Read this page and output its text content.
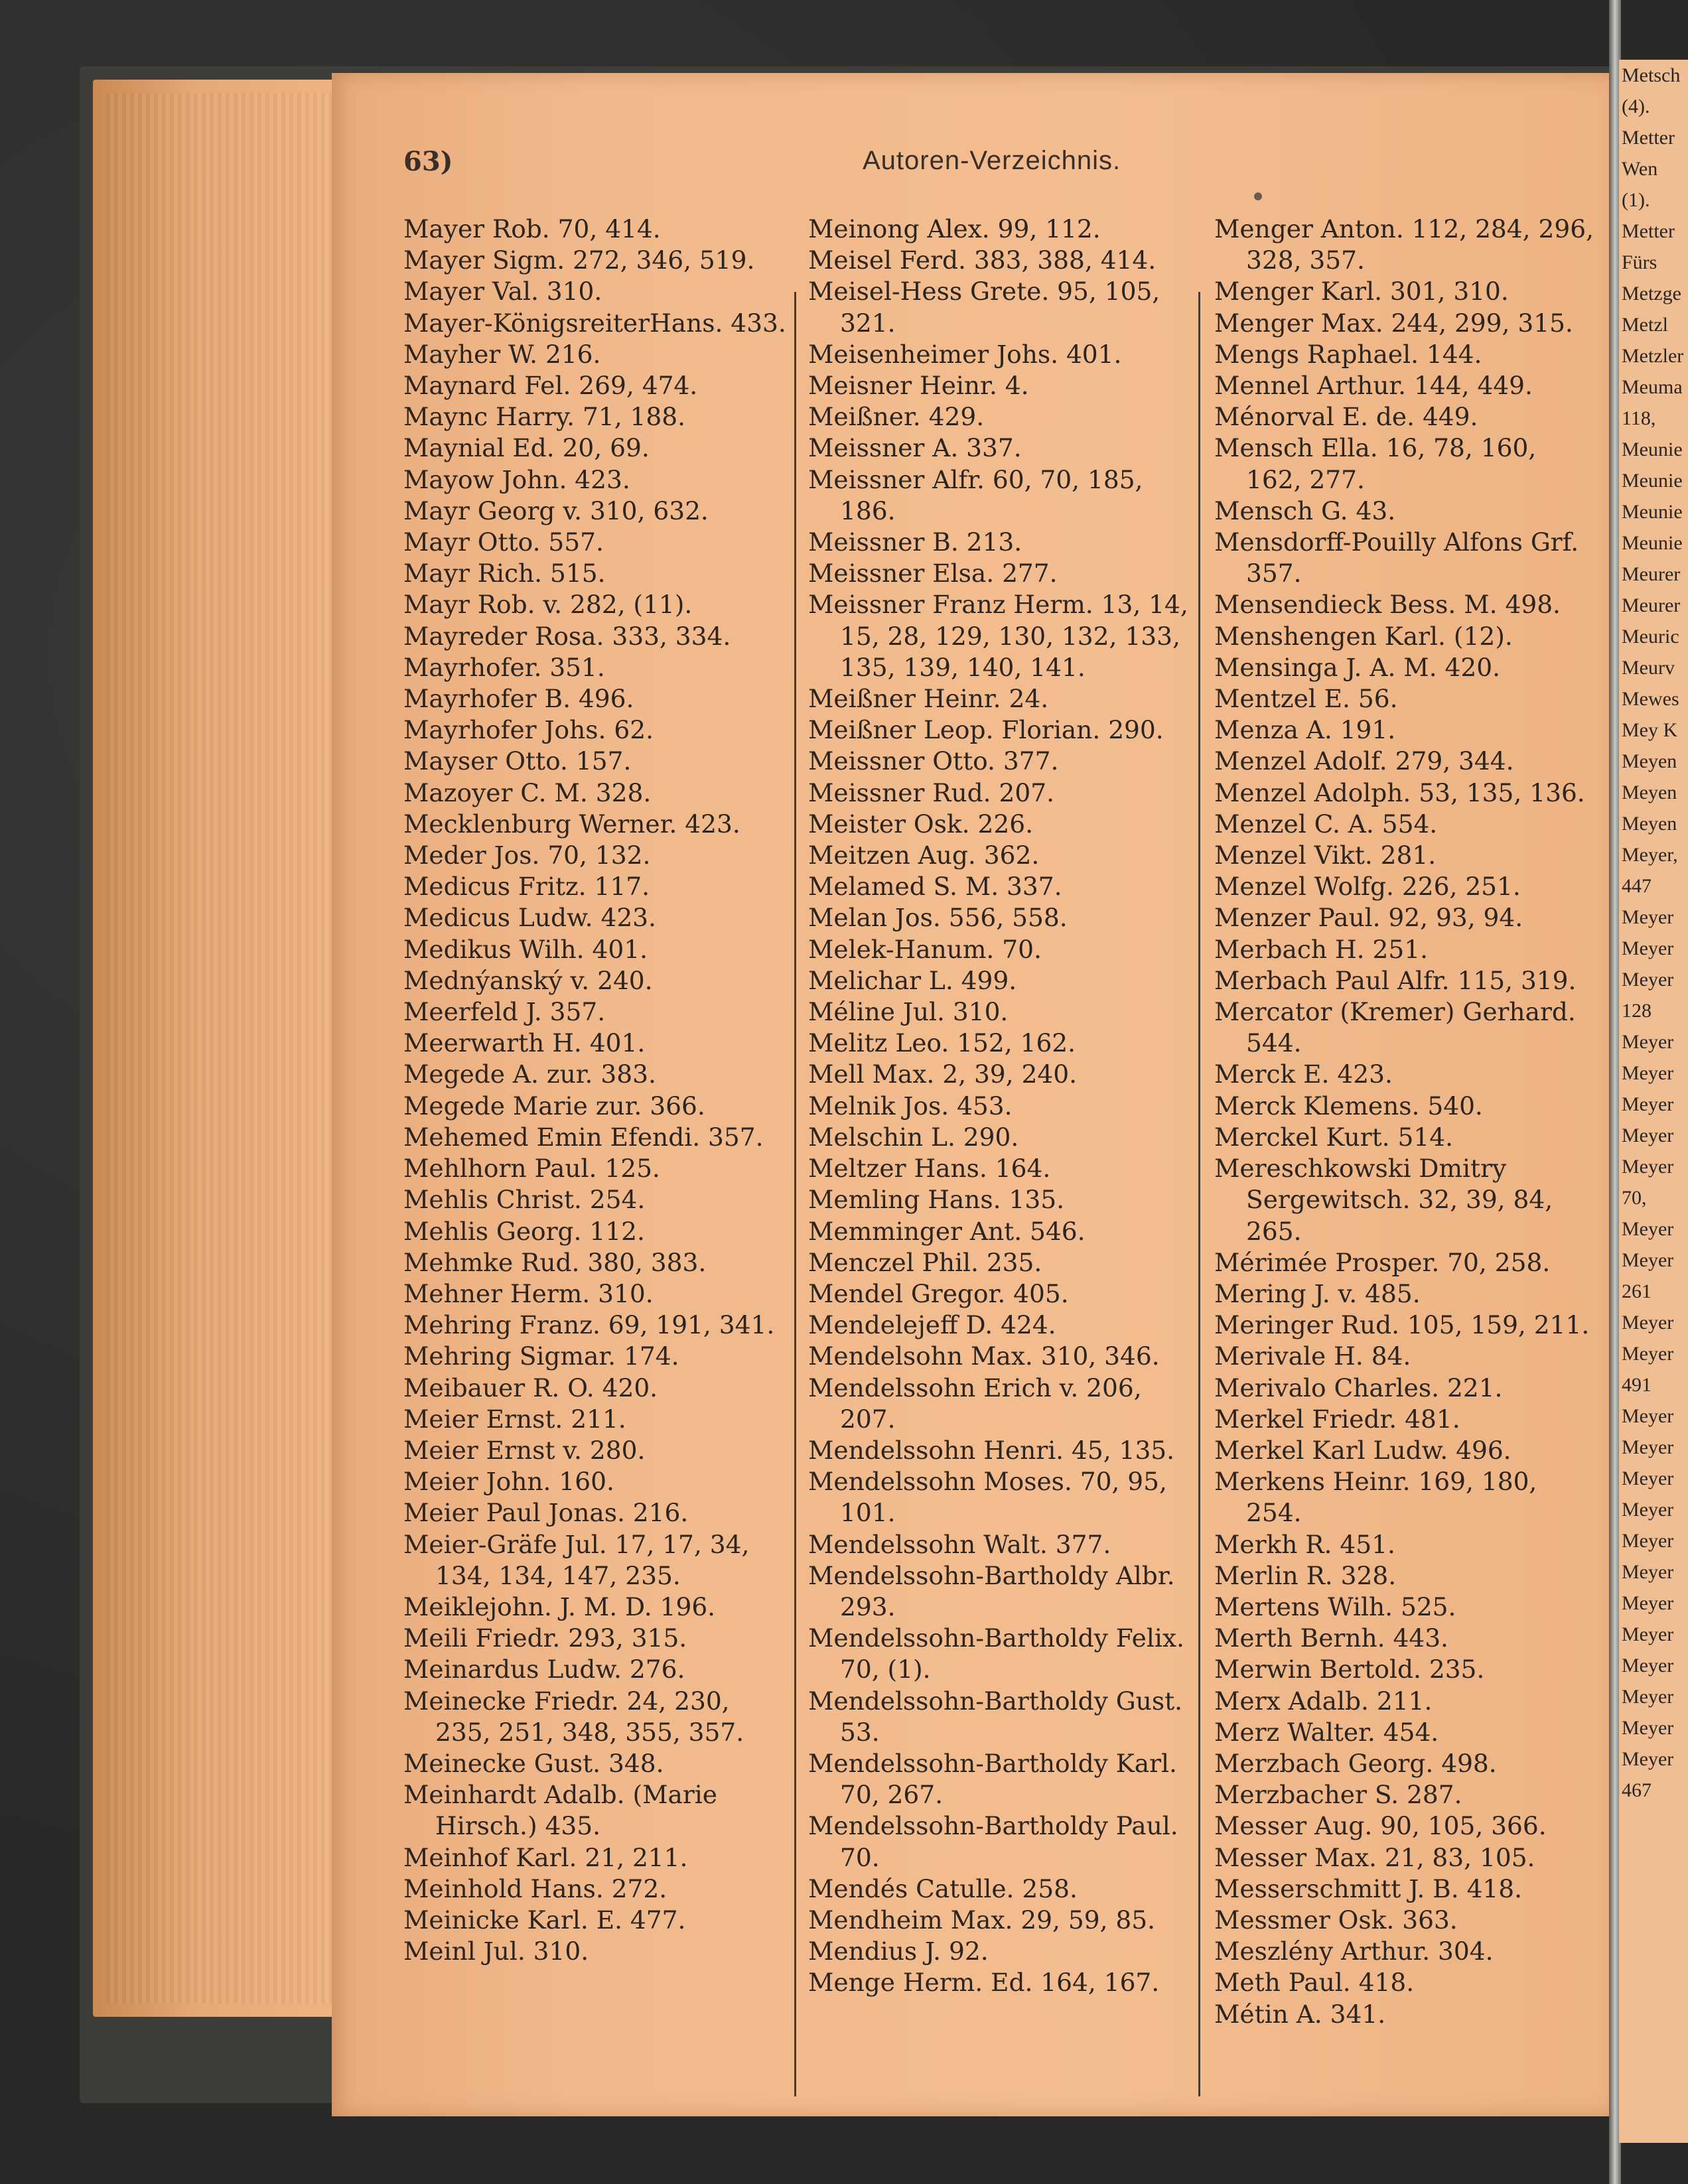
63)	Autoren-Verzeichnis.

Mayer Rob. 70, 414.

Mayer Sigm. 272, 346, 519.

Mayer Val. 310.

Mayer-KönigsreiterHans. 433.

Mayher W. 216.

Maynard Fel. 269, 474.

Maync Harry. 71, 188.

Maynial Ed. 20, 69.

Mayow John. 423.

Mayr Georg v. 310, 632.

Mayr Otto. 557.

Mayr Rich. 515.

Mayr Rob. v. 282, (11).

Mayreder Rosa. 333, 334.

Mayrhofer. 351.

Mayrhofer B. 496.

Mayrhofer Johs. 62.

Mayser Otto. 157.

Mazoyer C. M. 328.

Mecklenburg Werner. 423.

Meder Jos. 70, 132.

Medicus Fritz. 117.

Medicus Ludw. 423.

Medikus Wilh. 401.

Mednýanský v. 240.

Meerfeld J. 357.

Meerwarth H. 401.

Megede A. zur. 383.

Megede Marie zur. 366.

Mehemed Emin Efendi. 357.

Mehlhorn Paul. 125.

Mehlis Christ. 254.

Mehlis Georg. 112.

Mehmke Rud. 380, 383.

Mehner Herm. 310.

Mehring Franz. 69, 191, 341.

Mehring Sigmar. 174.

Meibauer R. O. 420.

Meier Ernst. 211.

Meier Ernst v. 280.

Meier John. 160.

Meier Paul Jonas. 216.

Meier-Gräfe Jul. 17, 17, 34, 134, 134, 147, 235.

Meiklejohn. J. M. D. 196.

Meili Friedr. 293, 315.

Meinardus Ludw. 276.

Meinecke Friedr. 24, 230, 235, 251, 348, 355, 357.

Meinecke Gust. 348.

Meinhardt Adalb. (Marie Hirsch.) 435.

Meinhof Karl. 21, 211.

Meinhold Hans. 272.

Meinicke Karl. E. 477.

Meinl Jul. 310.

Meinong Alex. 99, 112.

Meisel Ferd. 383, 388, 414.

Meisel-Hess Grete. 95, 105, 321.

Meisenheimer Johs. 401.

Meisner Heinr. 4.

Meißner. 429.

Meissner A. 337.

Meissner Alfr. 60, 70, 185, 186.

Meissner B. 213.

Meissner Elsa. 277.

Meissner Franz Herm. 13, 14, 15, 28, 129, 130, 132, 133, 135, 139, 140, 141.

Meißner Heinr. 24.

Meißner Leop. Florian. 290.

Meissner Otto. 377.

Meissner Rud. 207.

Meister Osk. 226.

Meitzen Aug. 362.

Melamed S. M. 337.

Melan Jos. 556, 558.

Melek-Hanum. 70.

Melichar L. 499.

Méline Jul. 310.

Melitz Leo. 152, 162.

Mell Max. 2, 39, 240.

Melnik Jos. 453.

Melschin L. 290.

Meltzer Hans. 164.

Memling Hans. 135.

Memminger Ant. 546.

Menczel Phil. 235.

Mendel Gregor. 405.

Mendelejeff D. 424.

Mendelsohn Max. 310, 346.

Mendelssohn Erich v. 206, 207.

Mendelssohn Henri. 45, 135.

Mendelssohn Moses. 70, 95, 101.

Mendelssohn Walt. 377.

Mendelssohn-Bartholdy Albr. 293.

Mendelssohn-Bartholdy Felix. 70, (1).

Mendelssohn-Bartholdy Gust. 53.

Mendelssohn-Bartholdy Karl. 70, 267.

Mendelssohn-Bartholdy Paul. 70.

Mendés Catulle. 258.

Mendheim Max. 29, 59, 85.

Mendius J. 92.

Menge Herm. Ed. 164, 167.

Menger Anton. 112, 284, 296, 328, 357.

Menger Karl. 301, 310.

Menger Max. 244, 299, 315.

Mengs Raphael. 144.

Mennel Arthur. 144, 449.

Ménorval E. de. 449.

Mensch Ella. 16, 78, 160, 162, 277.

Mensch G. 43.

Mensdorff-Pouilly Alfons Grf. 357.

Mensendieck Bess. M. 498.

Menshengen Karl. (12).

Mensinga J. A. M. 420.

Mentzel E. 56.

Menza A. 191.

Menzel Adolf. 279, 344.

Menzel Adolph. 53, 135, 136.

Menzel C. A. 554.

Menzel Vikt. 281.

Menzel Wolfg. 226, 251.

Menzer Paul. 92, 93, 94.

Merbach H. 251.

Merbach Paul Alfr. 115, 319.

Mercator (Kremer) Gerhard. 544.

Merck E. 423.

Merck Klemens. 540.

Merckel Kurt. 514.

Mereschkowski Dmitry Sergewitsch. 32, 39, 84, 265.

Mérimée Prosper. 70, 258.

Mering J. v. 485.

Meringer Rud. 105, 159, 211.

Merivale H. 84.

Merivalo Charles. 221.

Merkel Friedr. 481.

Merkel Karl Ludw. 496.

Merkens Heinr. 169, 180, 254.

Merkh R. 451.

Merlin R. 328.

Mertens Wilh. 525.

Merth Bernh. 443.

Merwin Bertold. 235.

Merx Adalb. 211.

Merz Walter. 454.

Merzbach Georg. 498.

Merzbacher S. 287.

Messer Aug. 90, 105, 366.

Messer Max. 21, 83, 105.

Messerschmitt J. B. 418.

Messmer Osk. 363.

Meszlény Arthur. 304.

Meth Paul. 418.

Métin A. 341.

Metsch
(4).
Metter
Wen
(1).
Metter
Fürs
Metzge
Metzl
Metzler
Meuma
118,
Meunie
Meunie
Meunie
Meunie
Meurer
Meurer
Meuric
Meurv
Mewes
Mey K
Meyen
Meyen
Meyen
Meyer,
447
Meyer
Meyer
Meyer
128
Meyer
Meyer
Meyer
Meyer
Meyer
70,
Meyer
Meyer
261
Meyer
Meyer
491
Meyer
Meyer
Meyer
Meyer
Meyer
Meyer
Meyer
Meyer
Meyer
Meyer
Meyer
Meyer
467
